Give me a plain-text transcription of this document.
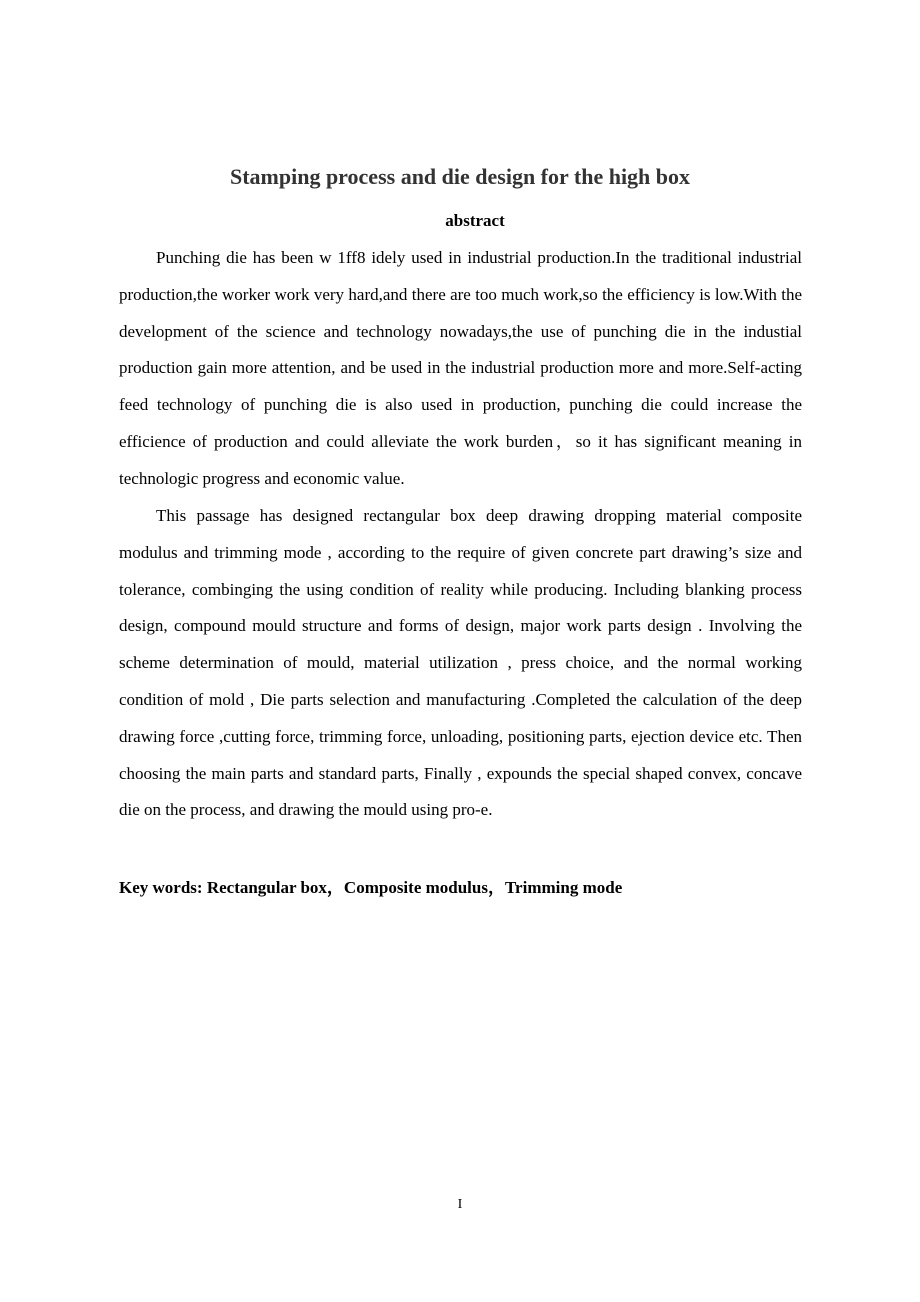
Stamping process and die design for the high box
abstract

Punching die has been w 1ff8 idely used in industrial production.In the traditional industrial production,the worker work very hard,and there are too much work,so the efficiency is low.With the development of the science and technology nowadays,the use of punching die in the industial production gain more attention, and be used in the industrial production more and more.Self-acting feed technology of punching die is also used in production, punching die could increase the efficience of production and could alleviate the work burden，so it has significant meaning in technologic progress and economic value.

This passage has designed rectangular box deep drawing dropping material composite modulus and trimming mode , according to the require of given concrete part drawing’s size and tolerance, combinging the using condition of reality while producing. Including blanking process design, compound mould structure and forms of design, major work parts design . Involving the scheme determination of mould, material utilization , press choice, and the normal working condition of mold , Die parts selection and manufacturing .Completed the calculation of the deep drawing force ,cutting force, trimming force, unloading, positioning parts, ejection device etc. Then choosing the main parts and standard parts, Finally , expounds the special shaped convex, concave die on the process, and drawing the mould using pro-e.

Key words: Rectangular box，Composite modulus，Trimming mode
I
